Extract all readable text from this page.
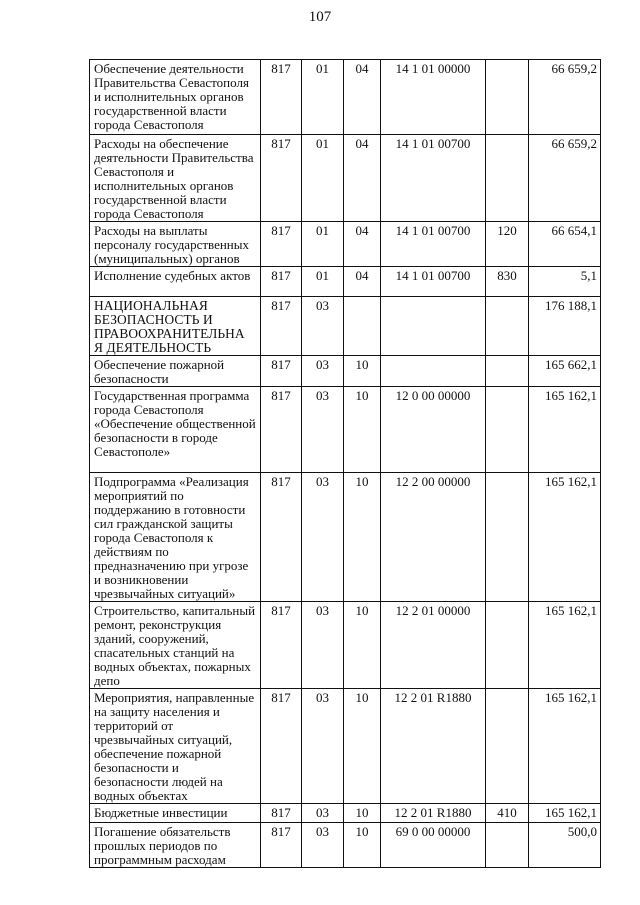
107
Обеспечение деятельности Правительства Севастополя и исполнительных органов государственной власти города Севастополя	817	01	04	14 1 01 00000		66 659,2

Расходы на обеспечение деятельности Правительства Севастополя и исполнительных органов государственной власти города Севастополя	817	01	04	14 1 01 00700		66 659,2

Расходы на выплаты персоналу государственных (муниципальных) органов	817	01	04	14 1 01 00700	120	66 654,1

Исполнение судебных актов	817	01	04	14 1 01 00700	830	5,1

НАЦИОНАЛЬНАЯ БЕЗОПАСНОСТЬ И ПРАВООХРАНИТЕЛЬНА Я ДЕЯТЕЛЬНОСТЬ	817	03				176 188,1

Обеспечение пожарной безопасности	817	03	10			165 662,1

Государственная программа города Севастополя «Обеспечение общественной безопасности в городе Севастополе»	817	03	10	12 0 00 00000		165 162,1

Подпрограмма «Реализация мероприятий по поддержанию в готовности сил гражданской защиты города Севастополя к действиям по предназначению при угрозе и возникновении чрезвычайных ситуаций»	817	03	10	12 2 00 00000		165 162,1

Строительство, капитальный ремонт, реконструкция зданий, сооружений, спасательных станций на водных объектах, пожарных депо	817	03	10	12 2 01 00000		165 162,1

Мероприятия, направленные на защиту населения и территорий от чрезвычайных ситуаций, обеспечение пожарной безопасности и безопасности людей на водных объектах	817	03	10	12 2 01 R1880		165 162,1

Бюджетные инвестиции	817	03	10	12 2 01 R1880	410	165 162,1

Погашение обязательств прошлых периодов по программным расходам	817	03	10	69 0 00 00000		500,0
